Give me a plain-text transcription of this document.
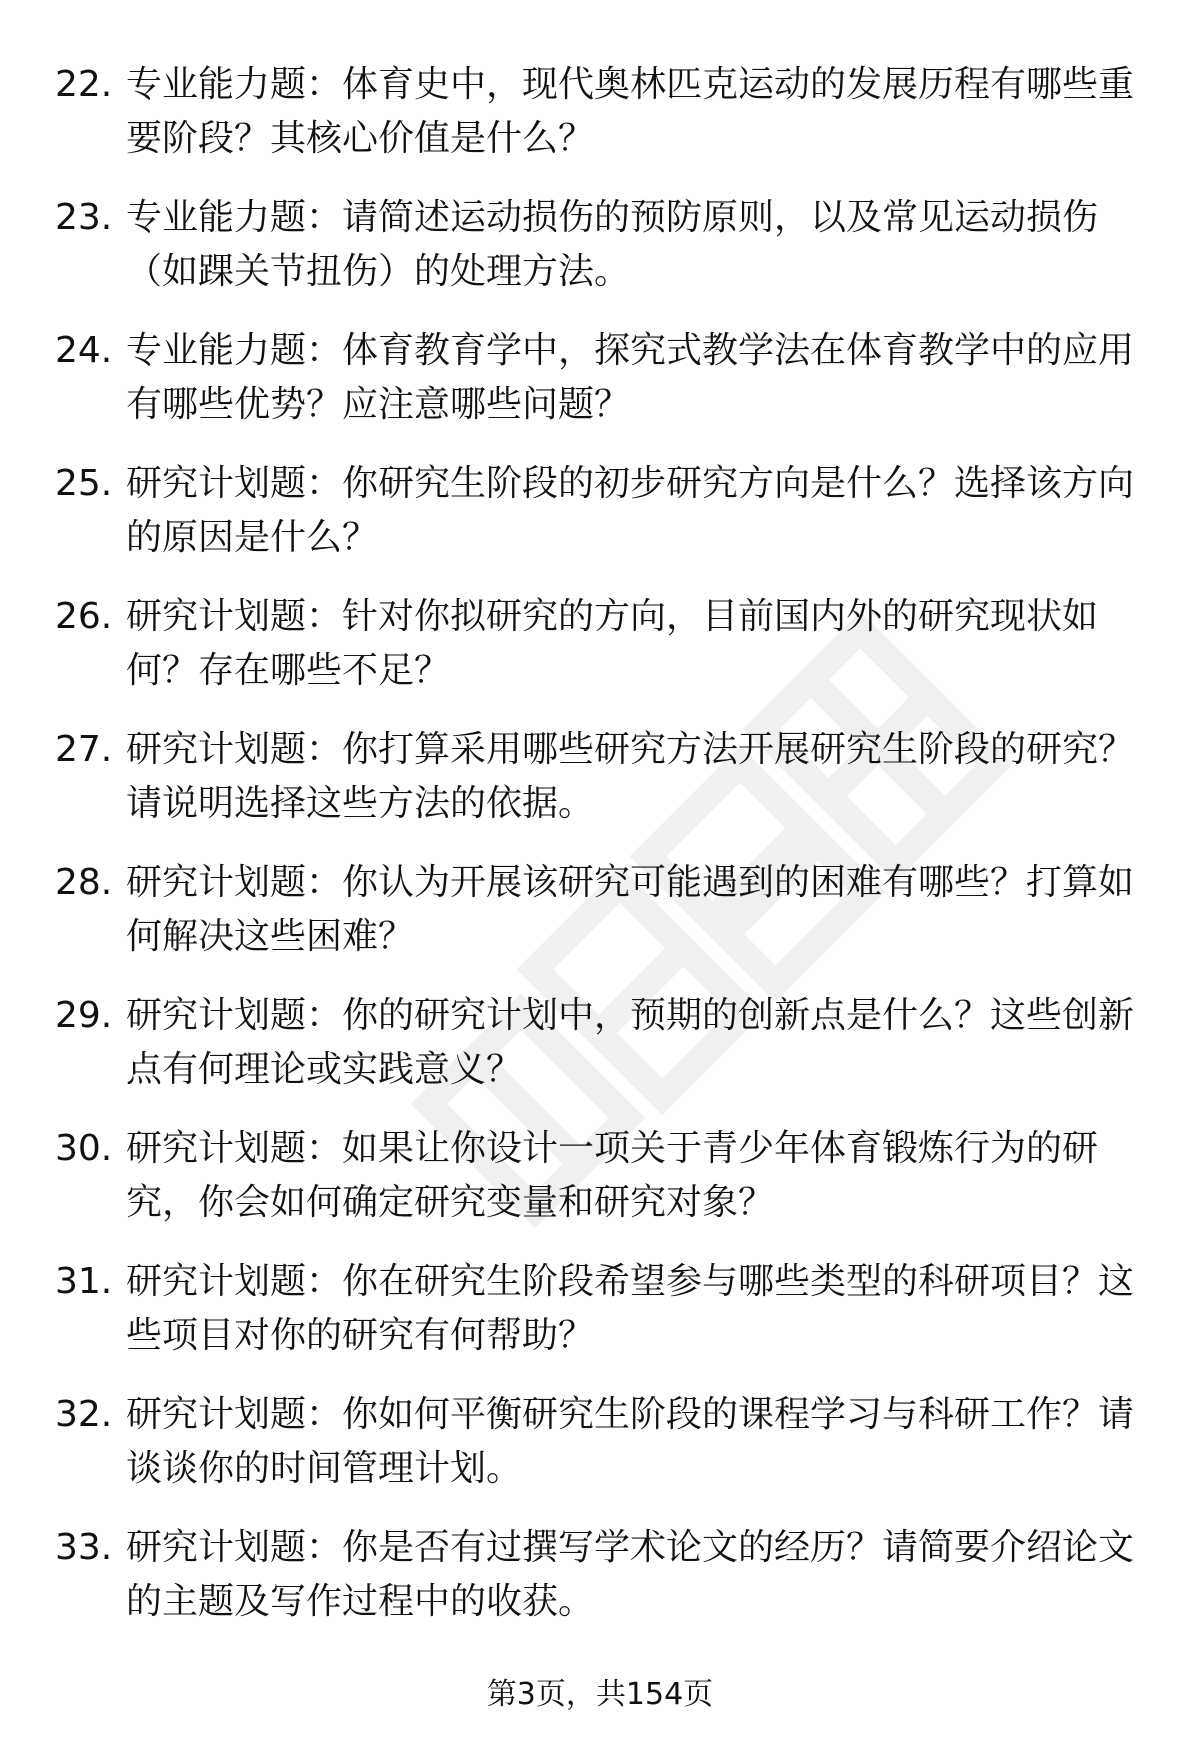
22. 专业能力题：体育史中，现代奥林匹克运动的发展历程有哪些重
要阶段？其核心价值是什么？
23. 专业能力题：请简述运动损伤的预防原则，以及常见运动损伤
（如踝关节扭伤）的处理方法。
24. 专业能力题：体育教育学中，探究式教学法在体育教学中的应用
有哪些优势？应注意哪些问题？
25. 研究计划题：你研究生阶段的初步研究方向是什么？选择该方向
的原因是什么？
26. 研究计划题：针对你拟研究的方向，目前国内外的研究现状如
何？存在哪些不足？
27. 研究计划题：你打算采用哪些研究方法开展研究生阶段的研究？
请说明选择这些方法的依据。
28. 研究计划题：你认为开展该研究可能遇到的困难有哪些？打算如
何解决这些困难？
29. 研究计划题：你的研究计划中，预期的创新点是什么？这些创新
点有何理论或实践意义？
30. 研究计划题：如果让你设计一项关于青少年体育锻炼行为的研
究，你会如何确定研究变量和研究对象？
31. 研究计划题：你在研究生阶段希望参与哪些类型的科研项目？这
些项目对你的研究有何帮助？
32. 研究计划题：你如何平衡研究生阶段的课程学习与科研工作？请
谈谈你的时间管理计划。
33. 研究计划题：你是否有过撰写学术论文的经历？请简要介绍论文
的主题及写作过程中的收获。
第3页，共154页
